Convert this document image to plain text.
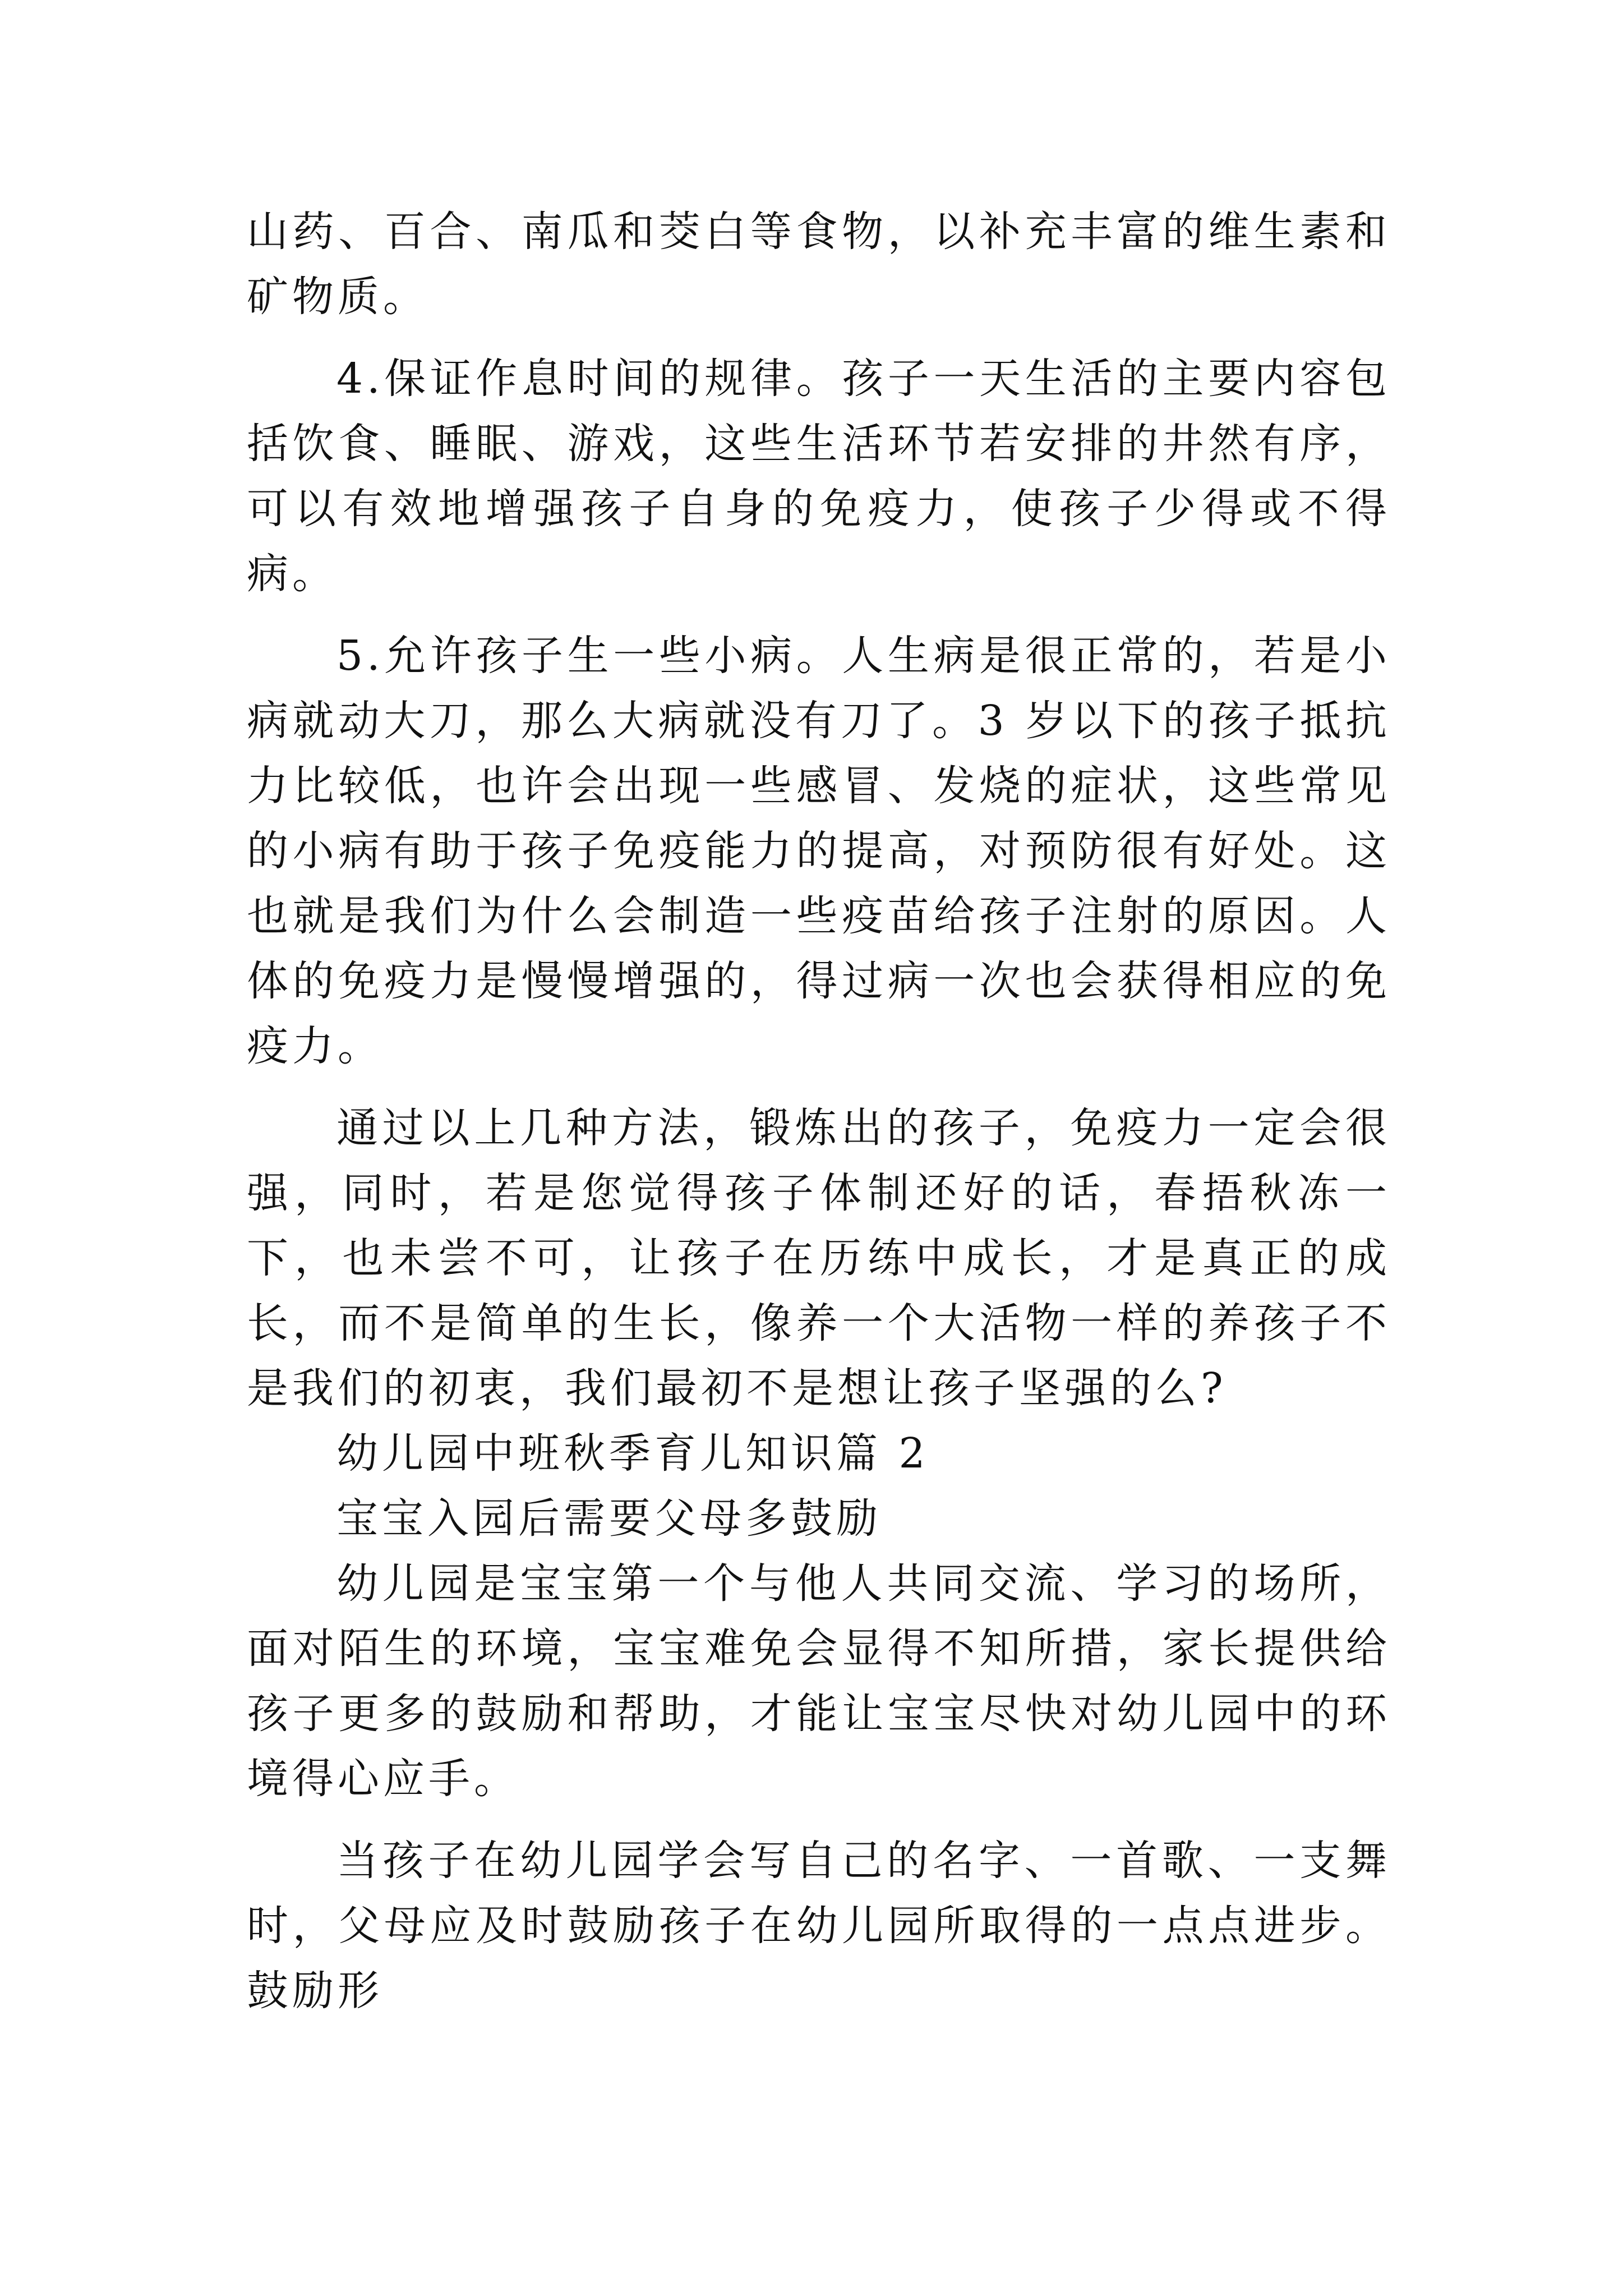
山药、百合、南瓜和茭白等食物，以补充丰富的维生素和矿物质。

4.保证作息时间的规律。孩子一天生活的主要内容包括饮食、睡眠、游戏，这些生活环节若安排的井然有序，可以有效地增强孩子自身的免疫力，使孩子少得或不得病。

5.允许孩子生一些小病。人生病是很正常的，若是小病就动大刀，那么大病就没有刀了。3 岁以下的孩子抵抗力比较低，也许会出现一些感冒、发烧的症状，这些常见的小病有助于孩子免疫能力的提高，对预防很有好处。这也就是我们为什么会制造一些疫苗给孩子注射的原因。人体的免疫力是慢慢增强的，得过病一次也会获得相应的免疫力。

通过以上几种方法，锻炼出的孩子，免疫力一定会很强，同时，若是您觉得孩子体制还好的话，春捂秋冻一下，也未尝不可，让孩子在历练中成长，才是真正的成长，而不是简单的生长，像养一个大活物一样的养孩子不是我们的初衷，我们最初不是想让孩子坚强的么?

幼儿园中班秋季育儿知识篇 2

宝宝入园后需要父母多鼓励

幼儿园是宝宝第一个与他人共同交流、学习的场所，面对陌生的环境，宝宝难免会显得不知所措，家长提供给孩子更多的鼓励和帮助，才能让宝宝尽快对幼儿园中的环境得心应手。

当孩子在幼儿园学会写自己的名字、一首歌、一支舞时，父母应及时鼓励孩子在幼儿园所取得的一点点进步。鼓励形
